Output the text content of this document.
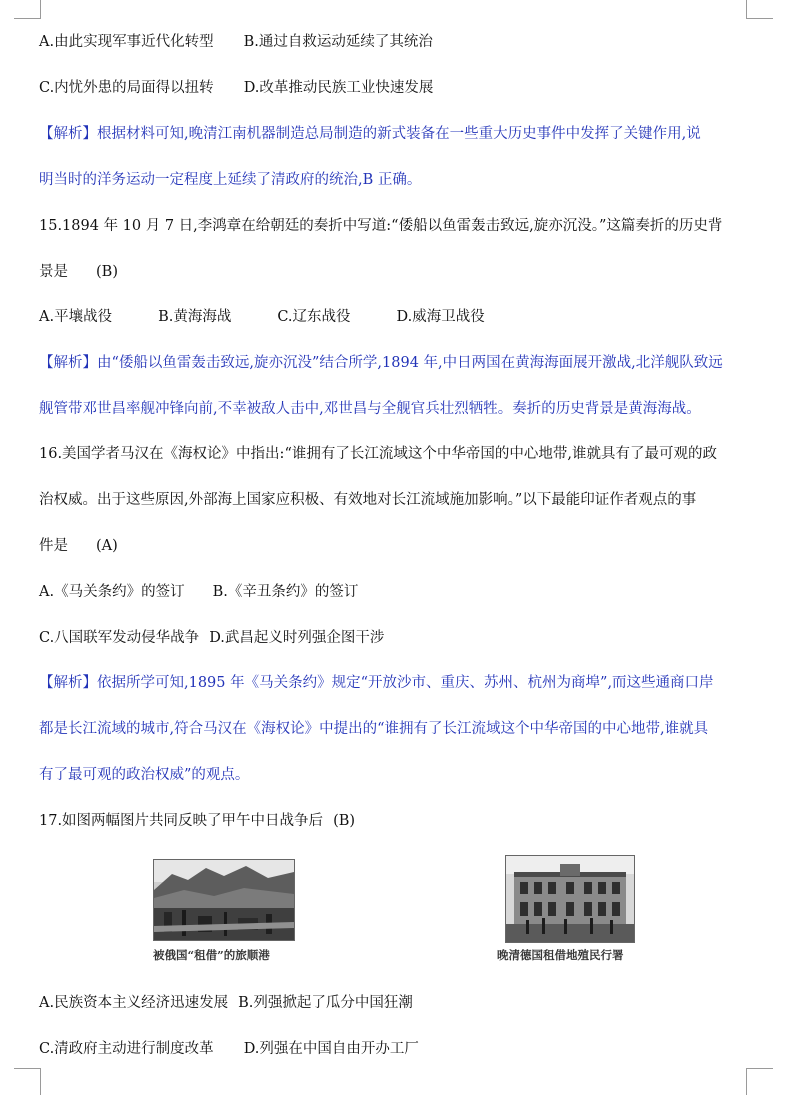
A.由此实现军事近代化转型 B.通过自救运动延续了其统治
C.内忧外患的局面得以扭转 D.改革推动民族工业快速发展
【解析】根据材料可知,晚清江南机器制造总局制造的新式装备在一些重大历史事件中发挥了关键作用,说
明当时的洋务运动一定程度上延续了清政府的统治,B 正确。
15.1894 年 10 月 7 日,李鸿章在给朝廷的奏折中写道:“倭船以鱼雷轰击致远,旋亦沉没。”这篇奏折的历史背
景是 (B)
A.平壤战役	B.黄海海战	C.辽东战役	D.威海卫战役
【解析】由“倭船以鱼雷轰击致远,旋亦沉没”结合所学,1894 年,中日两国在黄海海面展开激战,北洋舰队致远
舰管带邓世昌率舰冲锋向前,不幸被敌人击中,邓世昌与全舰官兵壮烈牺牲。奏折的历史背景是黄海海战。
16.美国学者马汉在《海权论》中指出:“谁拥有了长江流域这个中华帝国的中心地带,谁就具有了最可观的政
治权威。出于这些原因,外部海上国家应积极、有效地对长江流域施加影响。”以下最能印证作者观点的事
件是 (A)
A.《马关条约》的签订 B.《辛丑条约》的签订
C.八国联军发动侵华战争 D.武昌起义时列强企图干涉
【解析】依据所学可知,1895 年《马关条约》规定“开放沙市、重庆、苏州、杭州为商埠”,而这些通商口岸
都是长江流域的城市,符合马汉在《海权论》中提出的“谁拥有了长江流域这个中华帝国的中心地带,谁就具
有了最可观的政治权威”的观点。
17.如图两幅图片共同反映了甲午中日战争后 (B)
被俄国“租借”的旅顺港	晚清德国租借地殖民行署
A.民族资本主义经济迅速发展 B.列强掀起了瓜分中国狂潮
C.清政府主动进行制度改革 D.列强在中国自由开办工厂
